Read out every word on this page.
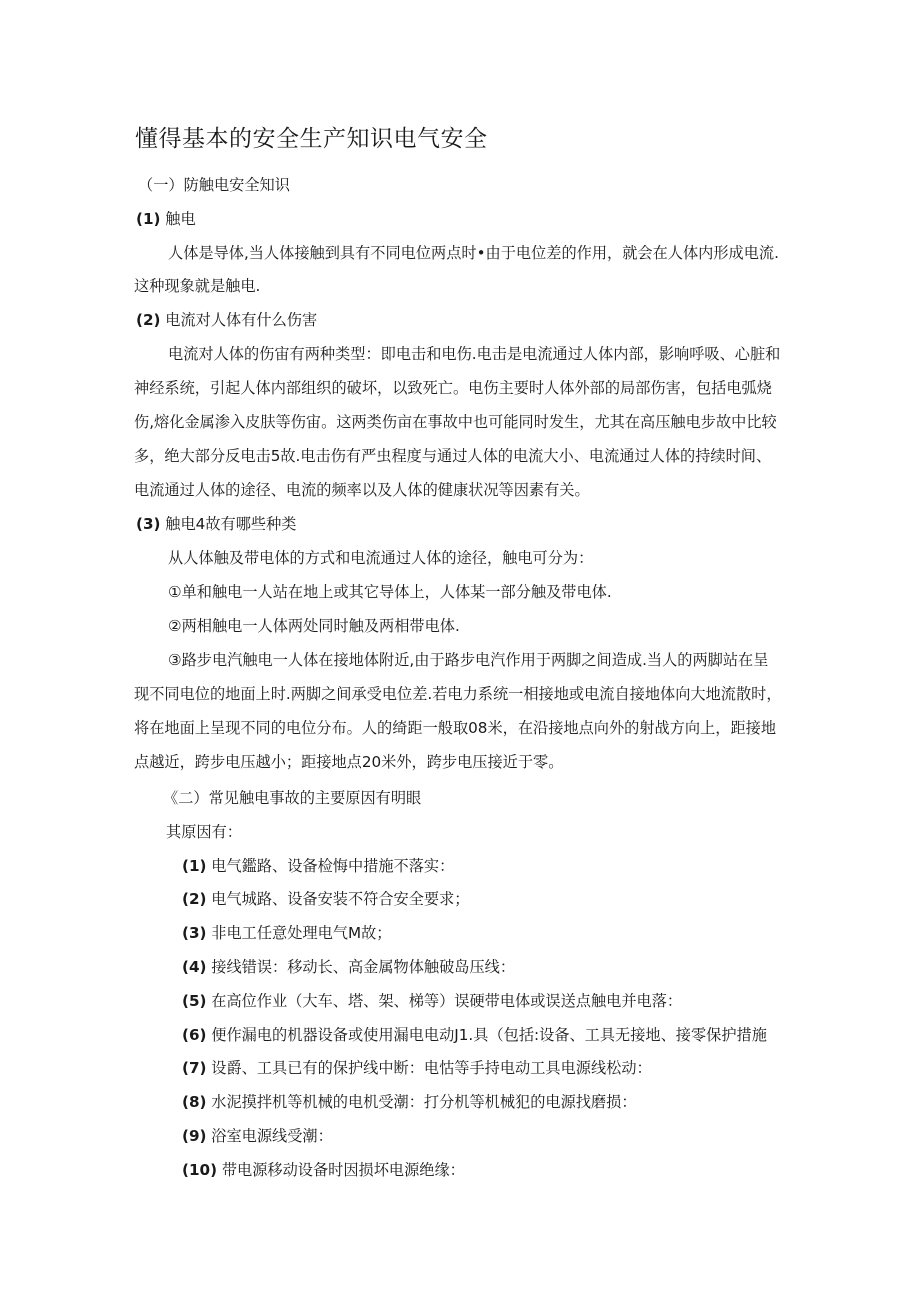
懂得基本的安全生产知识电气安全

（一）防触电安全知识

(1) 触电

人体是导体,当人体接触到具有不同电位两点时•由于电位差的作用，就会在人体内形成电流.

这种现象就是触电.

(2) 电流对人体有什么伤害

电流对人体的伤宙有两种类型：即电击和电伤.电击是电流通过人体内部，影响呼吸、心脏和

神经系统，引起人体内部组织的破坏，以致死亡。电伤主要时人体外部的局部伤害，包括电弧烧

伤,熔化金属渗入皮肤等伤宙。这两类伤亩在事故中也可能同时发生，尤其在高压触电步故中比较

多，绝大部分反电击5故.电击伤有严虫程度与通过人体的电流大小、电流通过人体的持续时间、

电流通过人体的途径、电流的频率以及人体的健康状况等因素有关。

(3) 触电4故有哪些种类

从人体触及带电体的方式和电流通过人体的途径，触电可分为：

①单和触电一人站在地上或其它导体上，人体某一部分触及带电体.

②两相触电一人体两处同时触及两相带电体.

③路步电汽触电一人体在接地体附近,由于路步电汽作用于两脚之间造成.当人的两脚站在呈

现不同电位的地面上时.两脚之间承受电位差.若电力系统一相接地或电流自接地体向大地流散时，

将在地面上呈现不同的电位分布。人的绮距一般取08米，在沿接地点向外的射战方向上，距接地

点越近，跨步电压越小；距接地点20米外，跨步电压接近于零。

《二）常见触电事故的主要原因有明眼

其原因有：

(1) 电气鑑路、设备检悔中措施不落实：

(2) 电气城路、设备安装不符合安全要求；

(3) 非电工任意处理电气M故；

(4) 接线错误：移动长、高金属物体触破岛压线：

(5) 在高位作业（大车、塔、架、梯等）误硬带电体或误送点触电并电落：

(6) 便作漏电的机器设备或使用漏电电动J1.具（包括:设备、工具无接地、接零保护措施

(7) 设爵、工具已有的保护线中断：电怙等手持电动工具电源线松动：

(8) 水泥摸拌机等机械的电机受潮：打分机等机械犯的电源找磨损：

(9) 浴室电源线受潮：

(10) 带电源移动设备时因损坏电源绝缘：
